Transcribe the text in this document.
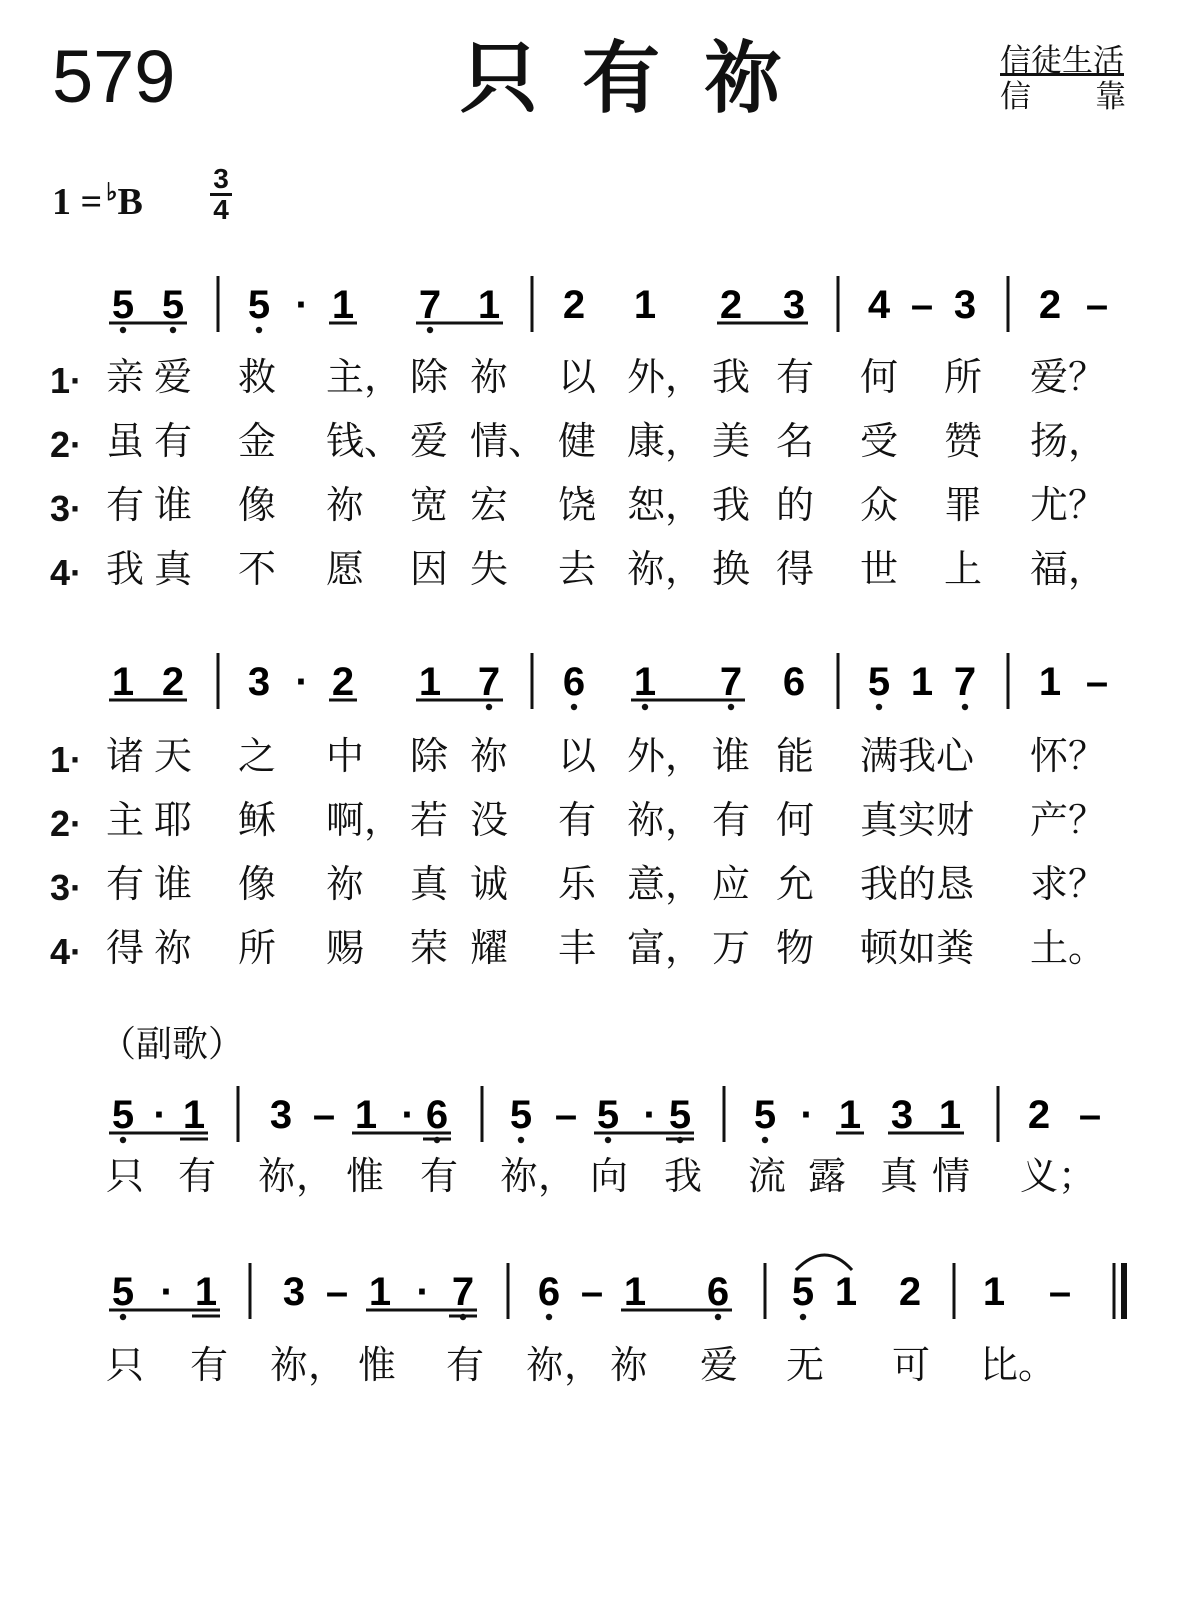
579	只有祢	信徒生活
信 靠
1 = ♭B
3
4
5 5 5 · 1 7 1 2 1 2 3 4 – 3 2 –
1 2 3 · 2 1 7 6 1 7 6 5 1 7 1 –
5 · 1 3 – 1 · 6 5 – 5 · 5 5 · 1 3 1 2 –
5 · 1 3 – 1 · 7 6 – 1 6 5 1 2 1 –
（副歌）
1· 亲 爱 救 主， 除 祢 以 外， 我 有 何 所 爱？
2· 虽 有 金 钱、 爱 情、 健 康， 美 名 受 赞 扬，
3· 有 谁 像 祢 宽 宏 饶 恕， 我 的 众 罪 尤？
4· 我 真 不 愿 因 失 去 祢， 换 得 世 上 福，
1· 诸 天 之 中 除 祢 以 外， 谁 能 满我心 怀？
2· 主 耶 稣 啊， 若 没 有 祢， 有 何 真实财 产？
3· 有 谁 像 祢 真 诚 乐 意， 应 允 我的恳 求？
4· 得 祢 所 赐 荣 耀 丰 富， 万 物 顿如粪 土。
只 有 祢， 惟 有 祢， 向 我 流 露 真 情 义；
只 有 祢， 惟 有 祢， 祢 爱 无 可 比。
